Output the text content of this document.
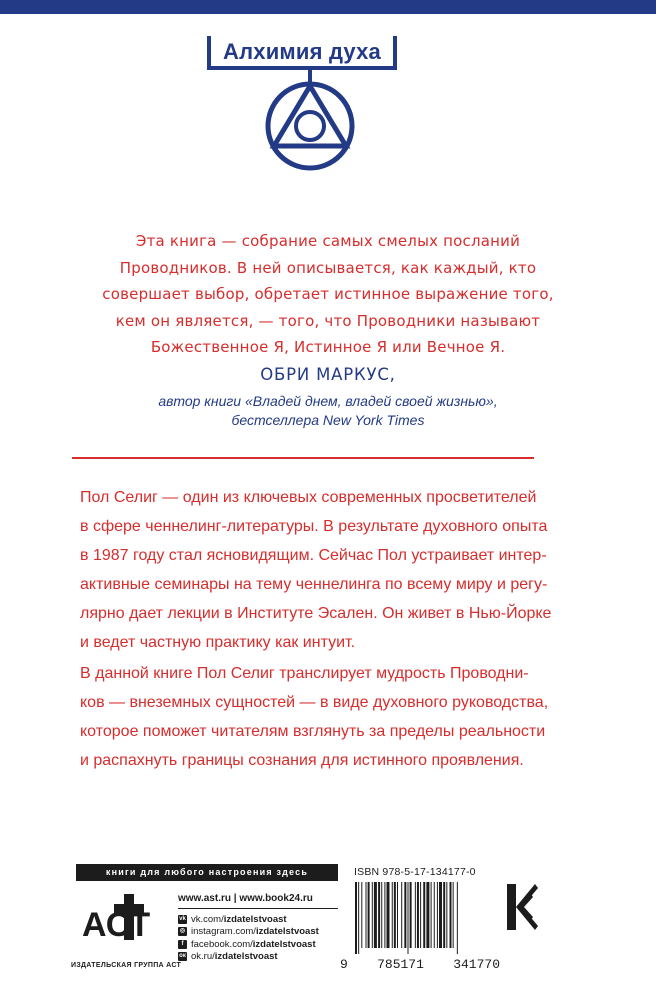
Алхимия духа
Эта книга — собрание самых смелых посланий
Проводников. В ней описывается, как каждый, кто
совершает выбор, обретает истинное выражение того,
кем он является, — того, что Проводники называют
Божественное Я, Истинное Я или Вечное Я.
ОБРИ МАРКУС,
автор книги «Владей днем, владей своей жизнью»,
бестселлера New York Times
Пол Селиг — один из ключевых современных просветителей
в сфере ченнелинг-литературы. В результате духовного опыта
в 1987 году стал ясновидящим. Сейчас Пол устраивает интер-
активные семинары на тему ченнелинга по всему миру и регу-
лярно дает лекции в Институте Эсален. Он живет в Нью-Йорке
и ведет частную практику как интуит.
В данной книге Пол Селиг транслирует мудрость Проводни-
ков — внеземных сущностей — в виде духовного руководства,
которое поможет читателям взглянуть за пределы реальности
и распахнуть границы сознания для истинного проявления.
книги для любого настроения здесь
АСТ
ИЗДАТЕЛЬСКАЯ ГРУППА АСТ
www.ast.ru | www.book24.ru
vk vk.com/ izdatelstvoast
◎ instagram.com/ izdatelstvoast
f facebook.com/ izdatelstvoast
ок ok.ru/ izdatelstvoast
ISBN 978-5-17-134177-0
9 785171 341770
